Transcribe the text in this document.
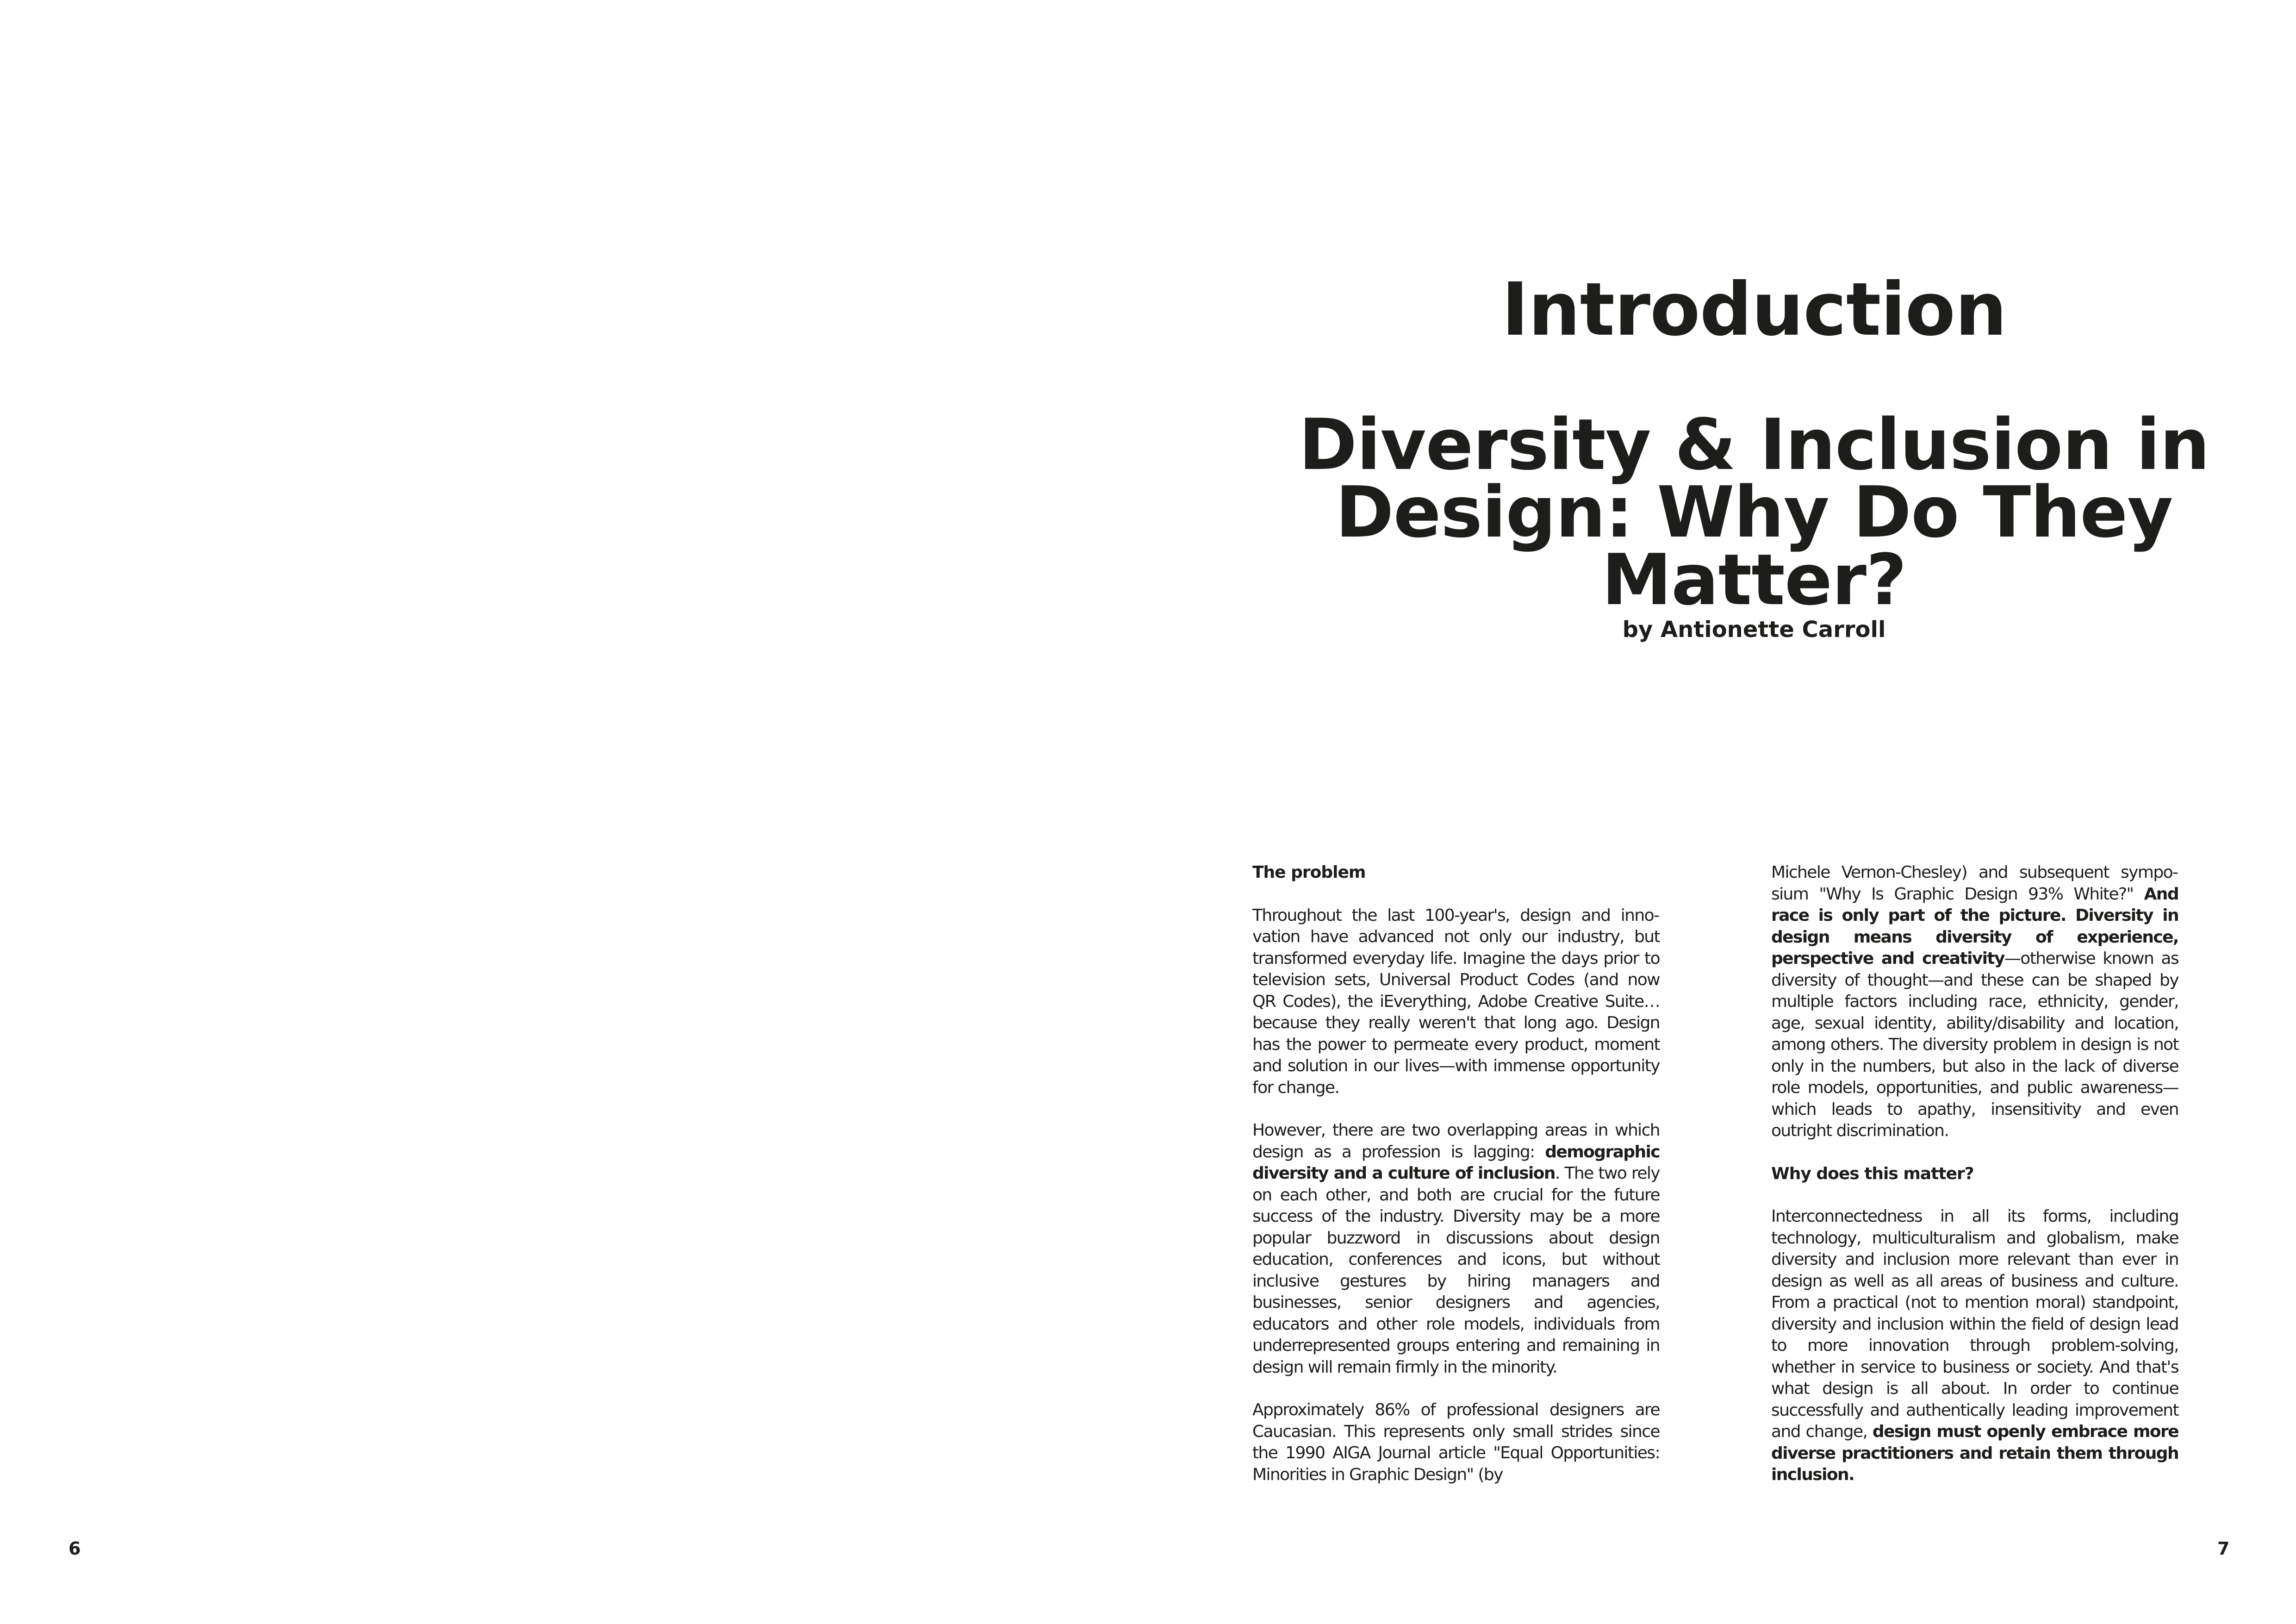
Introduction
Diversity & Inclusion in
Design: Why Do They
Matter?
by Antionette Carroll
The problem

Throughout the last 100-year's, design and innovation have advanced not only our industry, but transformed everyday life. Imagine the days prior to television sets, Universal Product Codes (and now QR Codes), the iEverything, Adobe Creative Suite…because they really weren't that long ago. Design has the power to permeate every product, moment and solution in our lives—with immense opportunity for change.

However, there are two overlapping areas in which design as a profession is lagging: demographic diversity and a culture of inclusion. The two rely on each other, and both are crucial for the future success of the industry. Diversity may be a more popular buzzword in discussions about design education, conferences and icons, but without inclusive gestures by hiring managers and businesses, senior designers and agencies, educators and other role models, individuals from underrepresented groups entering and remaining in design will remain firmly in the minority.

Approximately 86% of professional designers are Caucasian. This represents only small strides since the 1990 AIGA Journal article "Equal Opportunities: Minorities in Graphic Design" (by

Michele Vernon-Chesley) and subsequent symposium "Why Is Graphic Design 93% White?" And race is only part of the picture. Diversity in design means diversity of experience, perspective and creativity—otherwise known as diversity of thought—and these can be shaped by multiple factors including race, ethnicity, gender, age, sexual identity, ability/disability and location, among others. The diversity problem in design is not only in the numbers, but also in the lack of diverse role models, opportunities, and public awareness—which leads to apathy, insensitivity and even outright discrimination.

Why does this matter?

Interconnectedness in all its forms, including technology, multiculturalism and globalism, make diversity and inclusion more relevant than ever in design as well as all areas of business and culture. From a practical (not to mention moral) standpoint, diversity and inclusion within the field of design lead to more innovation through problem-solving, whether in service to business or society. And that's what design is all about. In order to continue successfully and authentically leading improvement and change, design must openly embrace more diverse practitioners and retain them through inclusion.

6	7
